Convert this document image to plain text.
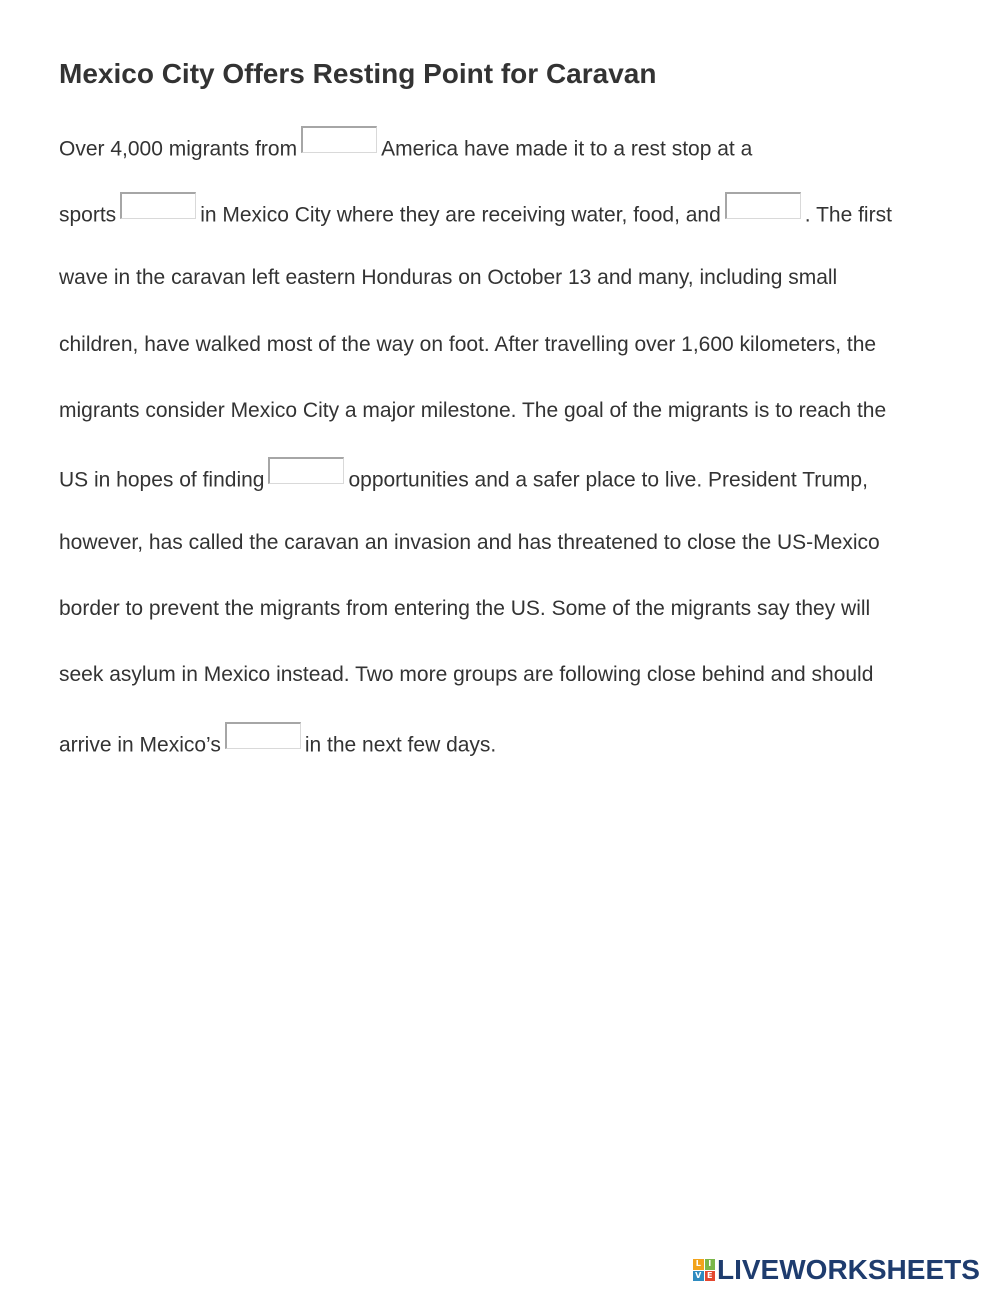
Mexico City Offers Resting Point for Caravan
Over 4,000 migrants from	America have made it to a rest stop at a
sports	in Mexico City where they are receiving water, food, and	. The first
wave in the caravan left eastern Honduras on October 13 and many, including small
children, have walked most of the way on foot. After travelling over 1,600 kilometers, the
migrants consider Mexico City a major milestone. The goal of the migrants is to reach the
US in hopes of finding	opportunities and a safer place to live. President Trump,
however, has called the caravan an invasion and has threatened to close the US-Mexico
border to prevent the migrants from entering the US. Some of the migrants say they will
seek asylum in Mexico instead. Two more groups are following close behind and should
arrive in Mexico’s	in the next few days.
L I
V E LIVEWORKSHEETS
